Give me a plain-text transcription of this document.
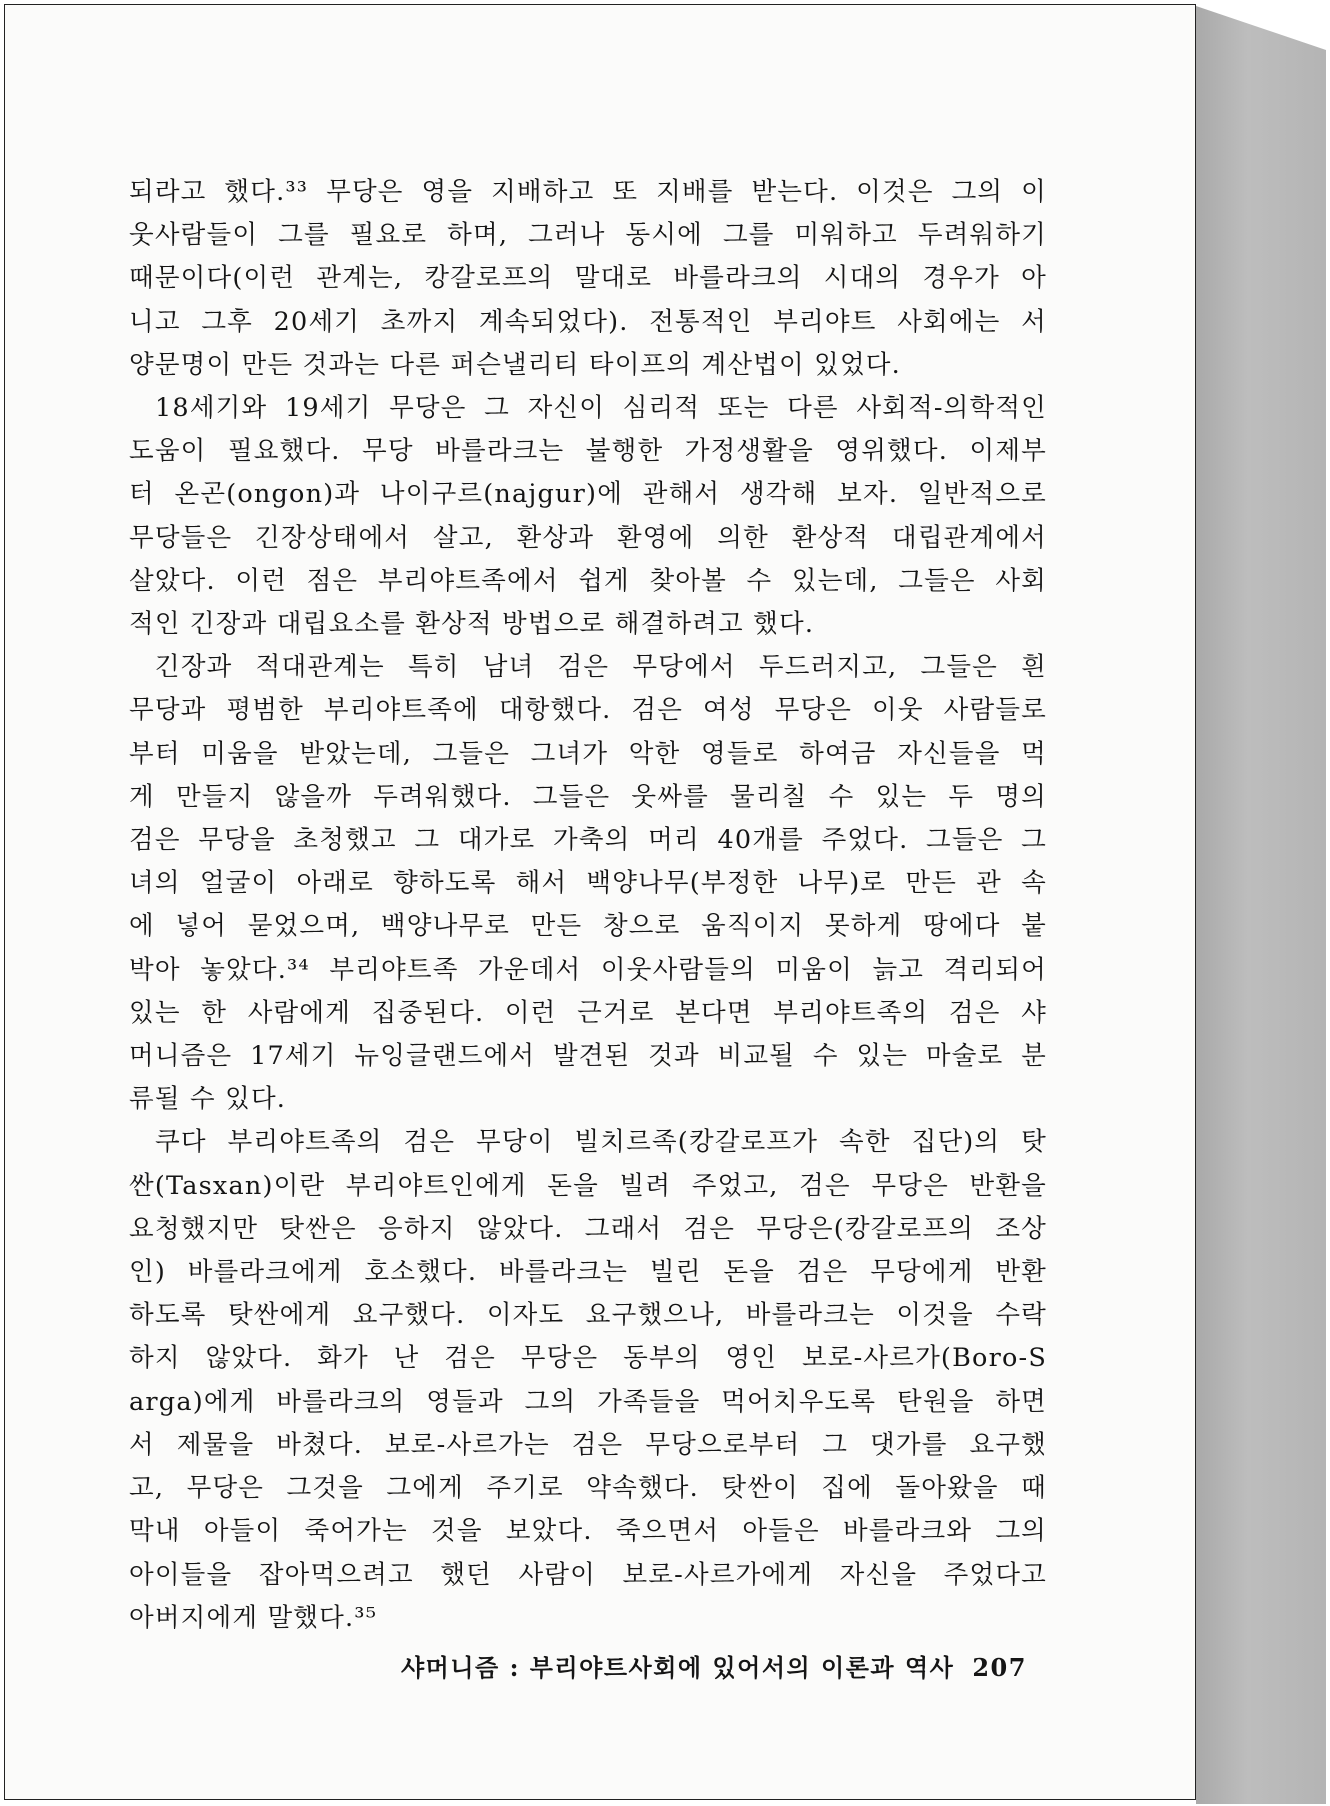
되라고 했다.³³ 무당은 영을 지배하고 또 지배를 받는다. 이것은 그의 이
웃사람들이 그를 필요로 하며, 그러나 동시에 그를 미워하고 두려워하기
때문이다(이런 관계는, 캉갈로프의 말대로 바를라크의 시대의 경우가 아
니고 그후 20세기 초까지 계속되었다). 전통적인 부리야트 사회에는 서
양문명이 만든 것과는 다른 퍼슨낼리티 타이프의 계산법이 있었다.
18세기와 19세기 무당은 그 자신이 심리적 또는 다른 사회적-의학적인
도움이 필요했다. 무당 바를라크는 불행한 가정생활을 영위했다. 이제부
터 온곤(ongon)과 나이구르(najgur)에 관해서 생각해 보자. 일반적으로
무당들은 긴장상태에서 살고, 환상과 환영에 의한 환상적 대립관계에서
살았다. 이런 점은 부리야트족에서 쉽게 찾아볼 수 있는데, 그들은 사회
적인 긴장과 대립요소를 환상적 방법으로 해결하려고 했다.
긴장과 적대관계는 특히 남녀 검은 무당에서 두드러지고, 그들은 흰
무당과 평범한 부리야트족에 대항했다. 검은 여성 무당은 이웃 사람들로
부터 미움을 받았는데, 그들은 그녀가 악한 영들로 하여금 자신들을 먹
게 만들지 않을까 두려워했다. 그들은 웃싸를 물리칠 수 있는 두 명의
검은 무당을 초청했고 그 대가로 가축의 머리 40개를 주었다. 그들은 그
녀의 얼굴이 아래로 향하도록 해서 백양나무(부정한 나무)로 만든 관 속
에 넣어 묻었으며, 백양나무로 만든 창으로 움직이지 못하게 땅에다 붙
박아 놓았다.³⁴ 부리야트족 가운데서 이웃사람들의 미움이 늙고 격리되어
있는 한 사람에게 집중된다. 이런 근거로 본다면 부리야트족의 검은 샤
머니즘은 17세기 뉴잉글랜드에서 발견된 것과 비교될 수 있는 마술로 분
류될 수 있다.
쿠다 부리야트족의 검은 무당이 빌치르족(캉갈로프가 속한 집단)의 탓
싼(Tasxan)이란 부리야트인에게 돈을 빌려 주었고, 검은 무당은 반환을
요청했지만 탓싼은 응하지 않았다. 그래서 검은 무당은(캉갈로프의 조상
인) 바를라크에게 호소했다. 바를라크는 빌린 돈을 검은 무당에게 반환
하도록 탓싼에게 요구했다. 이자도 요구했으나, 바를라크는 이것을 수락
하지 않았다. 화가 난 검은 무당은 동부의 영인 보로-사르가(Boro-S
arga)에게 바를라크의 영들과 그의 가족들을 먹어치우도록 탄원을 하면
서 제물을 바쳤다. 보로-사르가는 검은 무당으로부터 그 댓가를 요구했
고, 무당은 그것을 그에게 주기로 약속했다. 탓싼이 집에 돌아왔을 때
막내 아들이 죽어가는 것을 보았다. 죽으면서 아들은 바를라크와 그의
아이들을 잡아먹으려고 했던 사람이 보로-사르가에게 자신을 주었다고
아버지에게 말했다.³⁵
샤머니즘 : 부리야트사회에 있어서의 이론과 역사 207
